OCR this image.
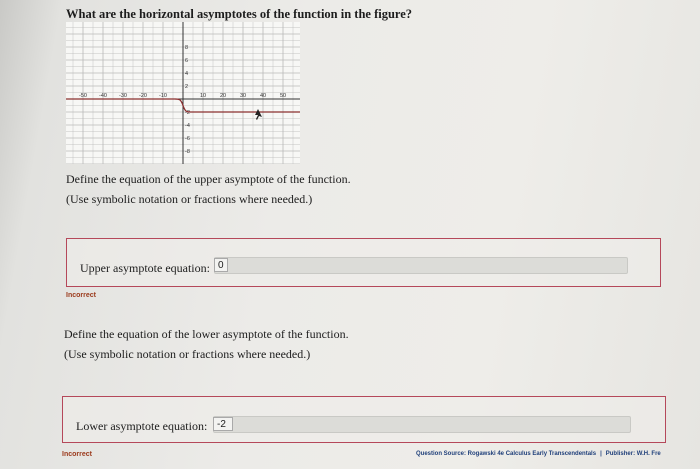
What are the horizontal asymptotes of the function in the figure?
-50 -40 -30 -20 -10	10	20	30	40	50
8
6
4
2
-2
-4
-6
-8

Define the equation of the upper asymptote of the function.

(Use symbolic notation or fractions where needed.)

Upper asymptote equation: 0
Incorrect

Define the equation of the lower asymptote of the function.

(Use symbolic notation or fractions where needed.)

Lower asymptote equation: -2
Incorrect	Question Source: Rogawski 4e Calculus Early Transcendentals | Publisher: W.H. Fre
